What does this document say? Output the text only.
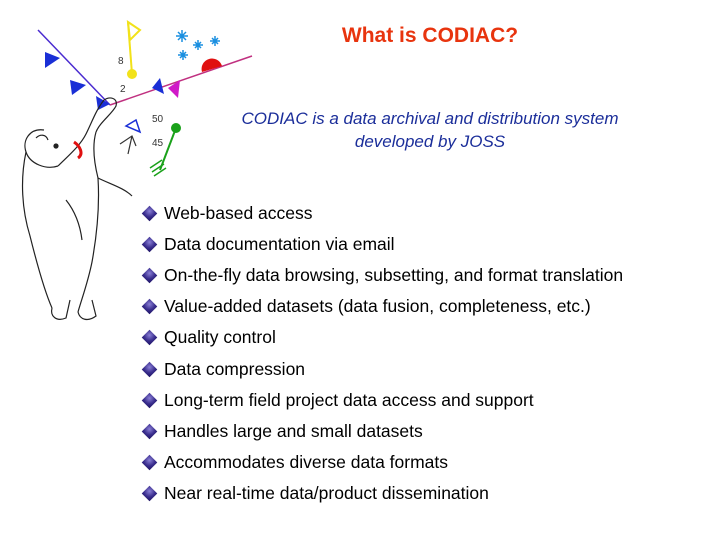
8
2
50
45
What is CODIAC?
CODIAC is a data archival and distribution system
developed by JOSS
Web-based access
Data documentation via email
On-the-fly data browsing, subsetting, and format translation
Value-added datasets (data fusion, completeness, etc.)
Quality control
Data compression
Long-term field project data access and support
Handles large and small datasets
Accommodates diverse data formats
Near real-time data/product dissemination
